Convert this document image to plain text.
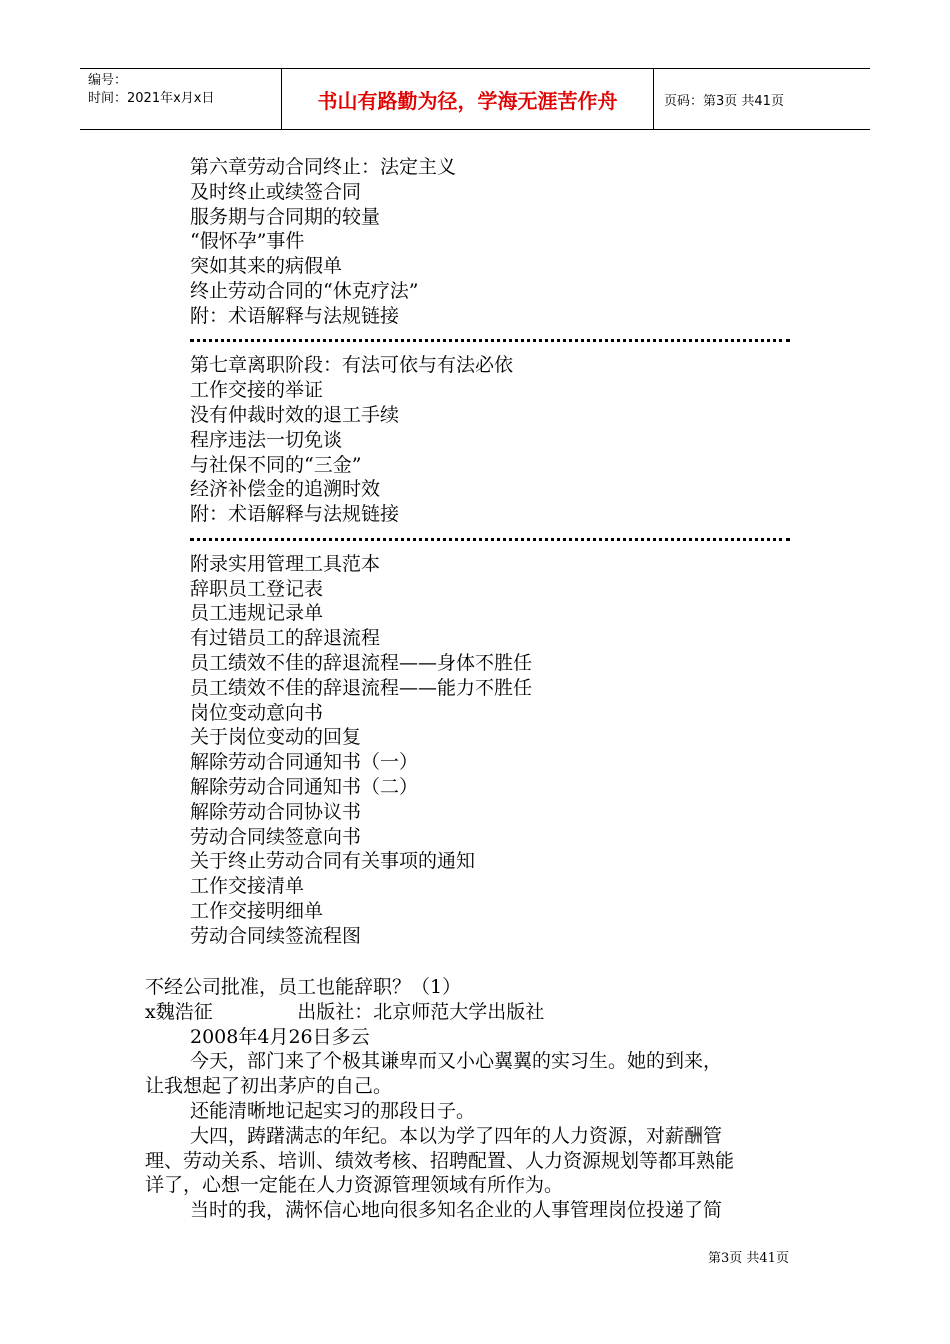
编号：
时间：2021年x月x日	书山有路勤为径，学海无涯苦作舟	页码：第3页 共41页
第六章劳动合同终止：法定主义
及时终止或续签合同
服务期与合同期的较量
“假怀孕”事件
突如其来的病假单
终止劳动合同的“休克疗法”
附：术语解释与法规链接
第七章离职阶段：有法可依与有法必依
工作交接的举证
没有仲裁时效的退工手续
程序违法一切免谈
与社保不同的“三金”
经济补偿金的追溯时效
附：术语解释与法规链接
附录实用管理工具范本
辞职员工登记表
员工违规记录单
有过错员工的辞退流程
员工绩效不佳的辞退流程——身体不胜任
员工绩效不佳的辞退流程——能力不胜任
岗位变动意向书
关于岗位变动的回复
解除劳动合同通知书（一）
解除劳动合同通知书（二）
解除劳动合同协议书
劳动合同续签意向书
关于终止劳动合同有关事项的通知
工作交接清单
工作交接明细单
劳动合同续签流程图
不经公司批准，员工也能辞职？（1）
x魏浩征              出版社：北京师范大学出版社
2008年4月26日多云
今天，部门来了个极其谦卑而又小心翼翼的实习生。她的到来，
让我想起了初出茅庐的自己。
还能清晰地记起实习的那段日子。
大四，踌躇满志的年纪。本以为学了四年的人力资源，对薪酬管
理、劳动关系、培训、绩效考核、招聘配置、人力资源规划等都耳熟能
详了，心想一定能在人力资源管理领域有所作为。
当时的我，满怀信心地向很多知名企业的人事管理岗位投递了简
第3页 共41页
